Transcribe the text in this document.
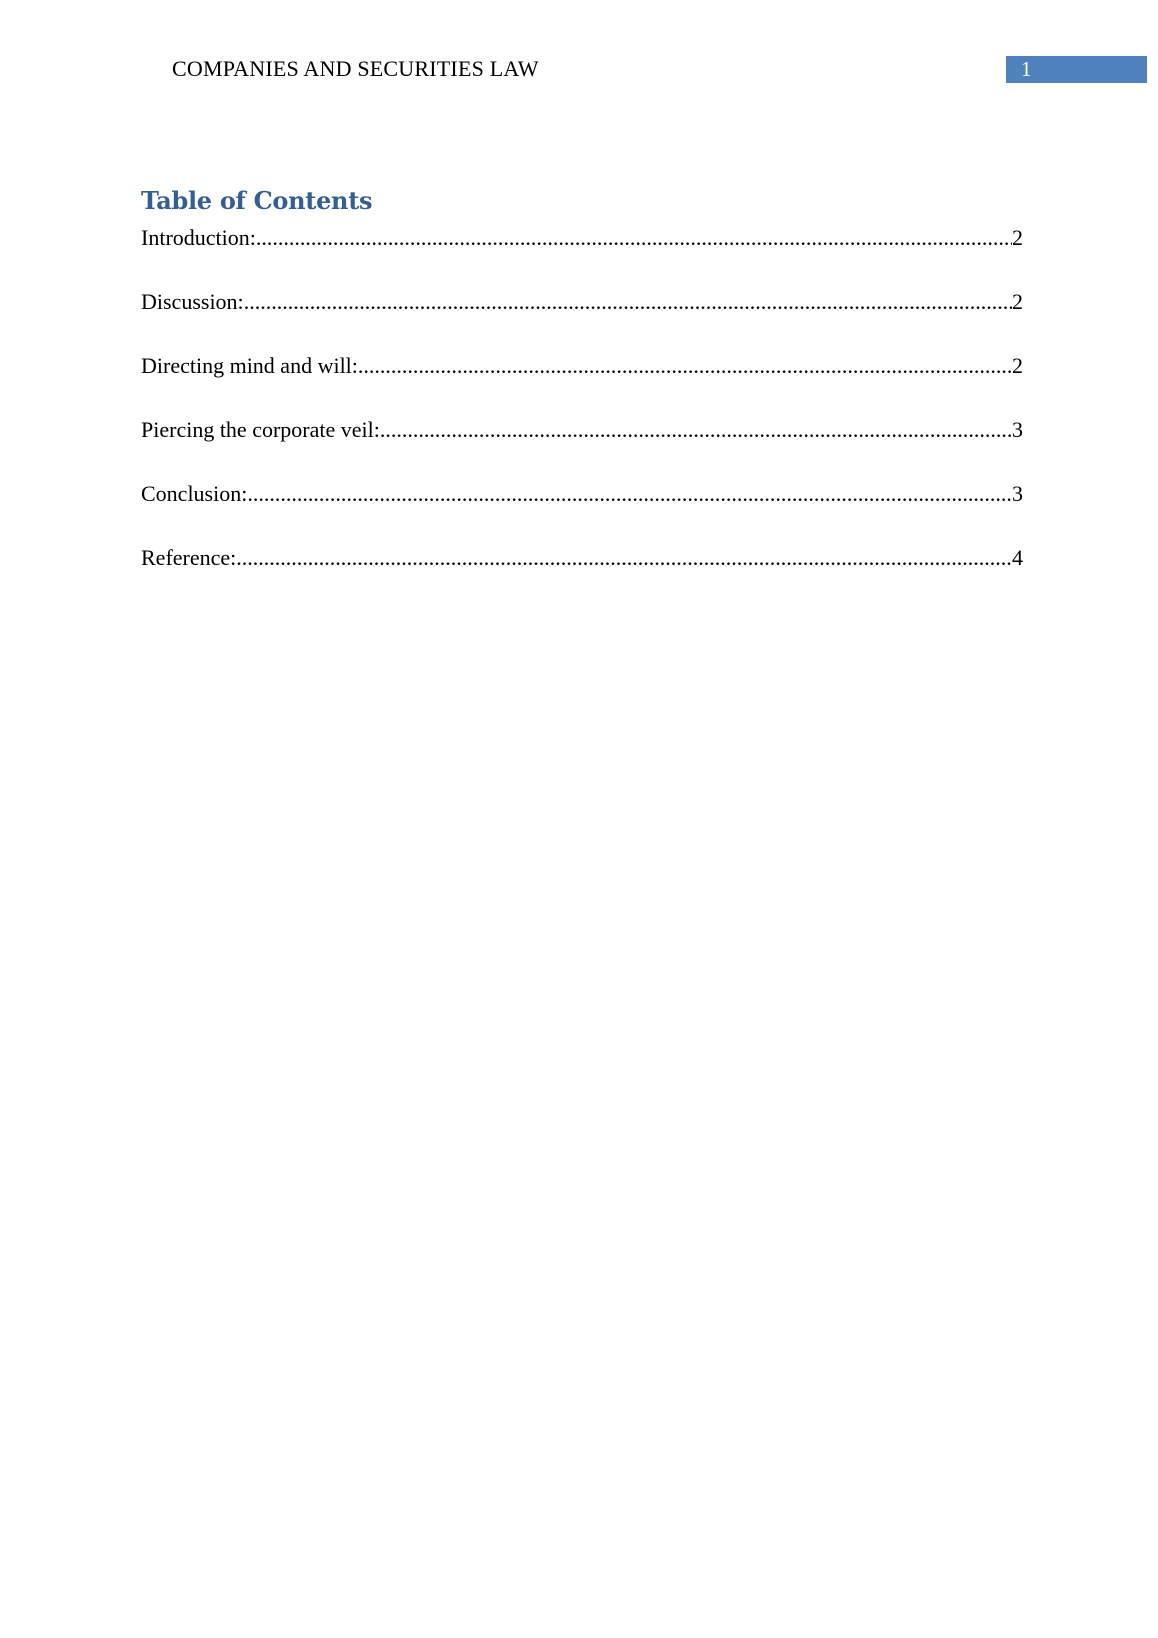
COMPANIES AND SECURITIES LAW	1
Table of Contents
Introduction: .....	2
Discussion: .....	2
Directing mind and will: .....	2
Piercing the corporate veil: .....	3
Conclusion: .....	3
Reference: .....	4
